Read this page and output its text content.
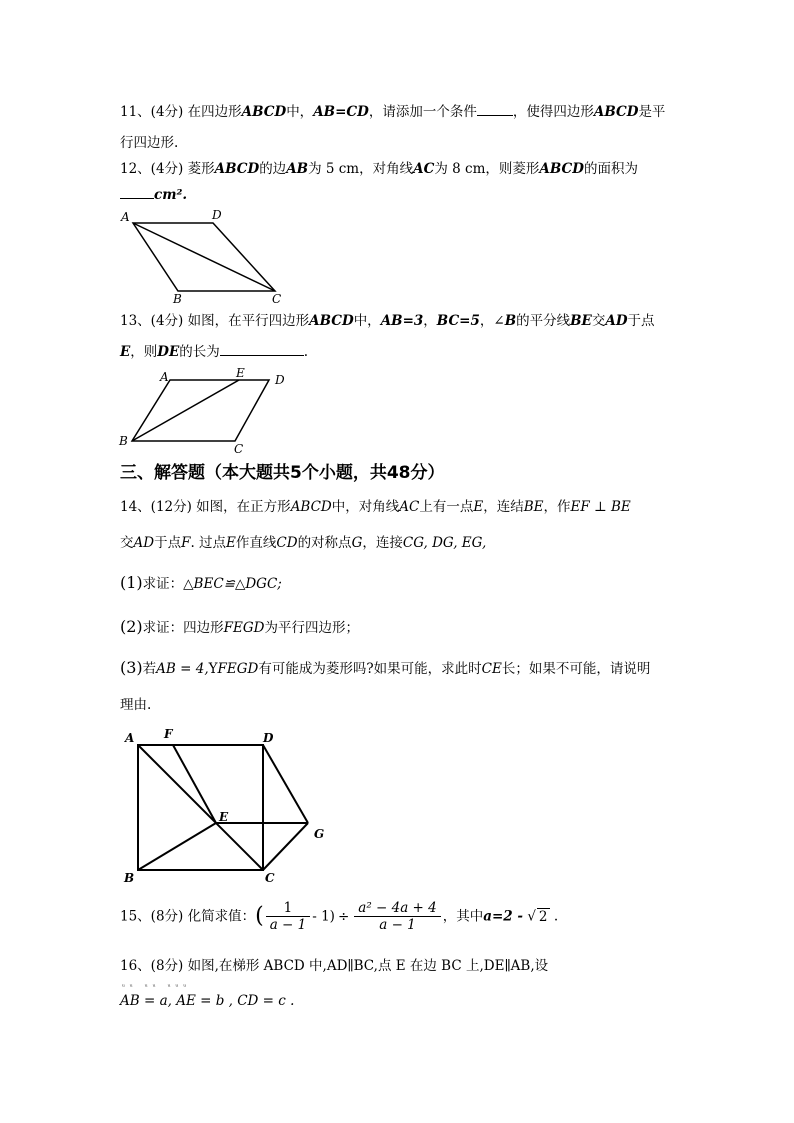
11、(4分) 在四边形ABCD中，AB=CD，请添加一个条件	，使得四边形ABCD是平
行四边形.
12、(4分) 菱形ABCD的边AB为 5 cm，对角线AC为 8 cm，则菱形ABCD的面积为
cm².
A	D
B	C
13、(4分) 如图，在平行四边形ABCD中，AB=3，BC=5，∠B的平分线BE交AD于点
E，则DE的长为	.
A	E	D
B
C
三、解答题（本大题共5个小题，共48分）
14、(12分) 如图，在正方形ABCD中，对角线AC上有一点E，连结BE，作EF ⊥ BE
交AD于点F. 过点E作直线CD的对称点G，连接CG, DG, EG,
(1)求证：△BEC≌△DGC;
(2)求证：四边形FEGD为平行四边形；
(3)若AB = 4,YFEGD有可能成为菱形吗?如果可能，求此时CE长；如果不可能，请说明
理由.
A F	D
E
G
B	C
15、(8分) 化简求值：( $\frac{1}{a - 1} - 1) \div \frac{\text{a² − 4a + 4}}{a - 1}$ ，其中a=2 - √ 2 .
16、(8分) 如图,在梯形 ABCD 中,AD∥BC,点 E 在边 BC 上,DE∥AB,设
ᵘᵘ ᵘᵘ ᵘᵘᵘ
AB = a, AE = b , CD = c .
